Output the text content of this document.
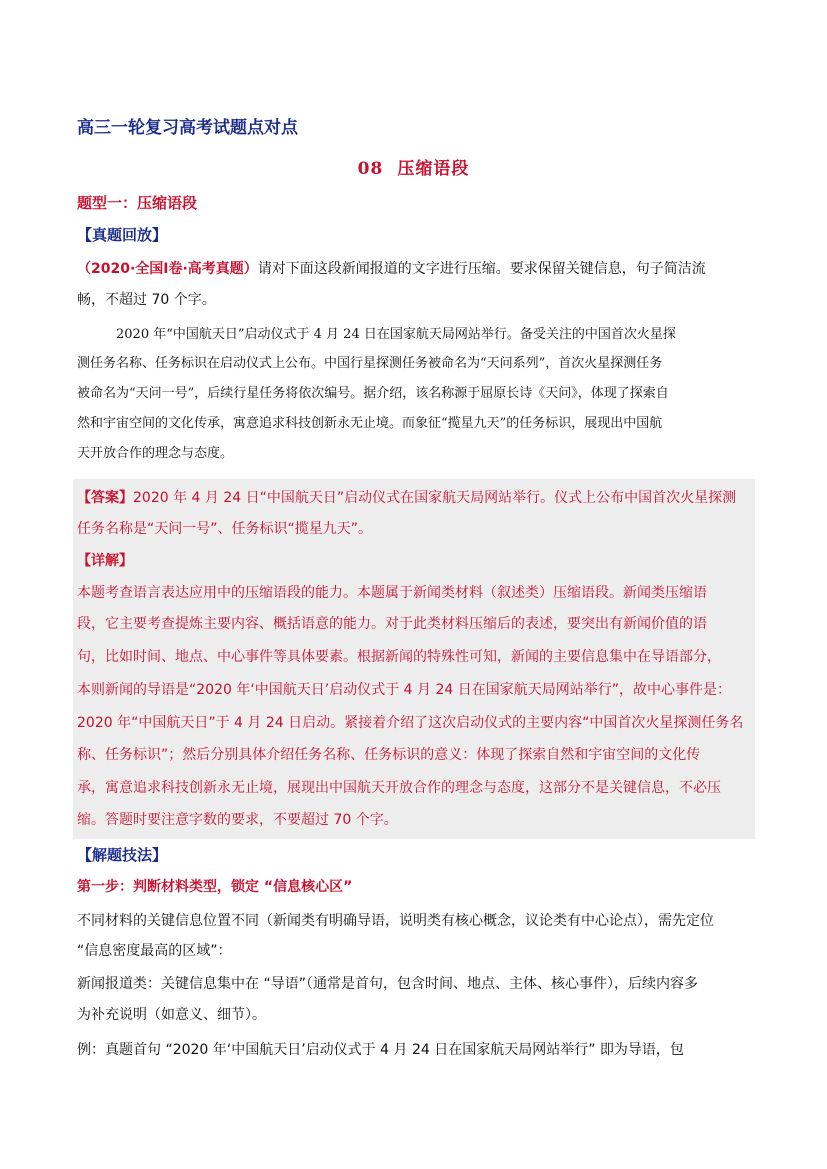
高三一轮复习高考试题点对点
08 压缩语段
题型一：压缩语段
【真题回放】
（2020·全国Ⅰ卷·高考真题）请对下面这段新闻报道的文字进行压缩。要求保留关键信息，句子简洁流
畅，不超过 70 个字。
2020 年“中国航天日”启动仪式于 4 月 24 日在国家航天局网站举行。备受关注的中国首次火星探
测任务名称、任务标识在启动仪式上公布。中国行星探测任务被命名为“天问系列”，首次火星探测任务
被命名为“天问一号”，后续行星任务将依次编号。据介绍，该名称源于屈原长诗《天问》，体现了探索自
然和宇宙空间的文化传承，寓意追求科技创新永无止境。而象征“揽星九天”的任务标识，展现出中国航
天开放合作的理念与态度。
【答案】2020 年 4 月 24 日“中国航天日”启动仪式在国家航天局网站举行。仪式上公布中国首次火星探测
任务名称是“天问一号”、任务标识“揽星九天”。
【详解】
本题考查语言表达应用中的压缩语段的能力。本题属于新闻类材料（叙述类）压缩语段。新闻类压缩语
段，它主要考查提炼主要内容、概括语意的能力。对于此类材料压缩后的表述，要突出有新闻价值的语
句，比如时间、地点、中心事件等具体要素。根据新闻的特殊性可知，新闻的主要信息集中在导语部分，
本则新闻的导语是“2020 年‘中国航天日’启动仪式于 4 月 24 日在国家航天局网站举行”，故中心事件是：
2020 年“中国航天日”于 4 月 24 日启动。紧接着介绍了这次启动仪式的主要内容“中国首次火星探测任务名
称、任务标识”；然后分别具体介绍任务名称、任务标识的意义：体现了探索自然和宇宙空间的文化传
承，寓意追求科技创新永无止境，展现出中国航天开放合作的理念与态度，这部分不是关键信息，不必压
缩。答题时要注意字数的要求，不要超过 70 个字。
【解题技法】
第一步：判断材料类型，锁定 “信息核心区”
不同材料的关键信息位置不同（新闻类有明确导语，说明类有核心概念，议论类有中心论点），需先定位
“信息密度最高的区域”：
新闻报道类：关键信息集中在 “导语”（通常是首句，包含时间、地点、主体、核心事件），后续内容多
为补充说明（如意义、细节）。
例：真题首句 “2020 年‘中国航天日’启动仪式于 4 月 24 日在国家航天局网站举行” 即为导语，包
